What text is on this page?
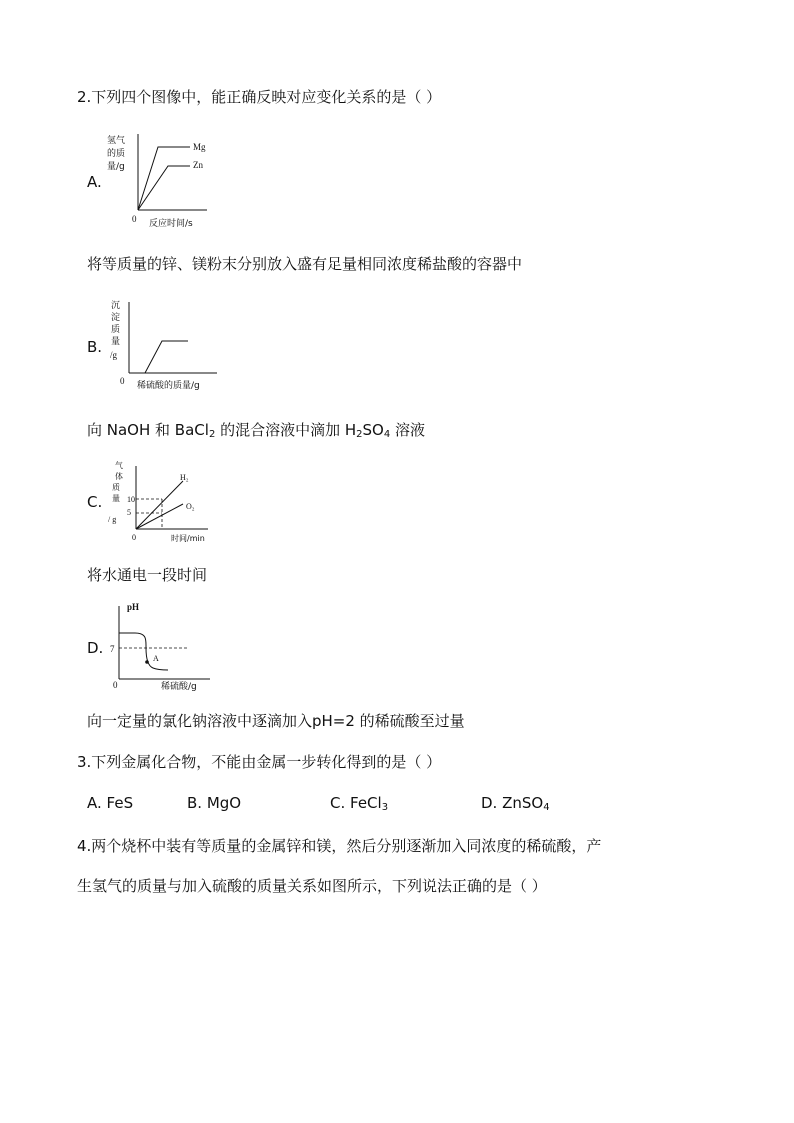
2.下列四个图像中，能正确反映对应变化关系的是（ ）
A.
氢气
的质
量/g
Mg
Zn
0 反应时间/s
将等质量的锌、镁粉末分别放入盛有足量相同浓度稀盐酸的容器中
B.
沉
淀
质
量
/g
0 稀硫酸的质量/g
向 NaOH 和 BaCl$_2$ 的混合溶液中滴加 $H_2SO_4$ 溶液
C.
气
体
质
量
/ g
10
5
H₂
O₂
0	时间/min
将水通电一段时间
D.
pH
7
A
0	稀硫酸/g
向一定量的氯化钠溶液中逐滴加入pH=2 的稀硫酸至过量
3.下列金属化合物，不能由金属一步转化得到的是（ ）
A. FeS	B. MgO	C. FeCl$_3$	D. ZnSO$_4$
4.两个烧杯中装有等质量的金属锌和镁，然后分别逐渐加入同浓度的稀硫酸，产
生氢气的质量与加入硫酸的质量关系如图所示，下列说法正确的是（ ）
